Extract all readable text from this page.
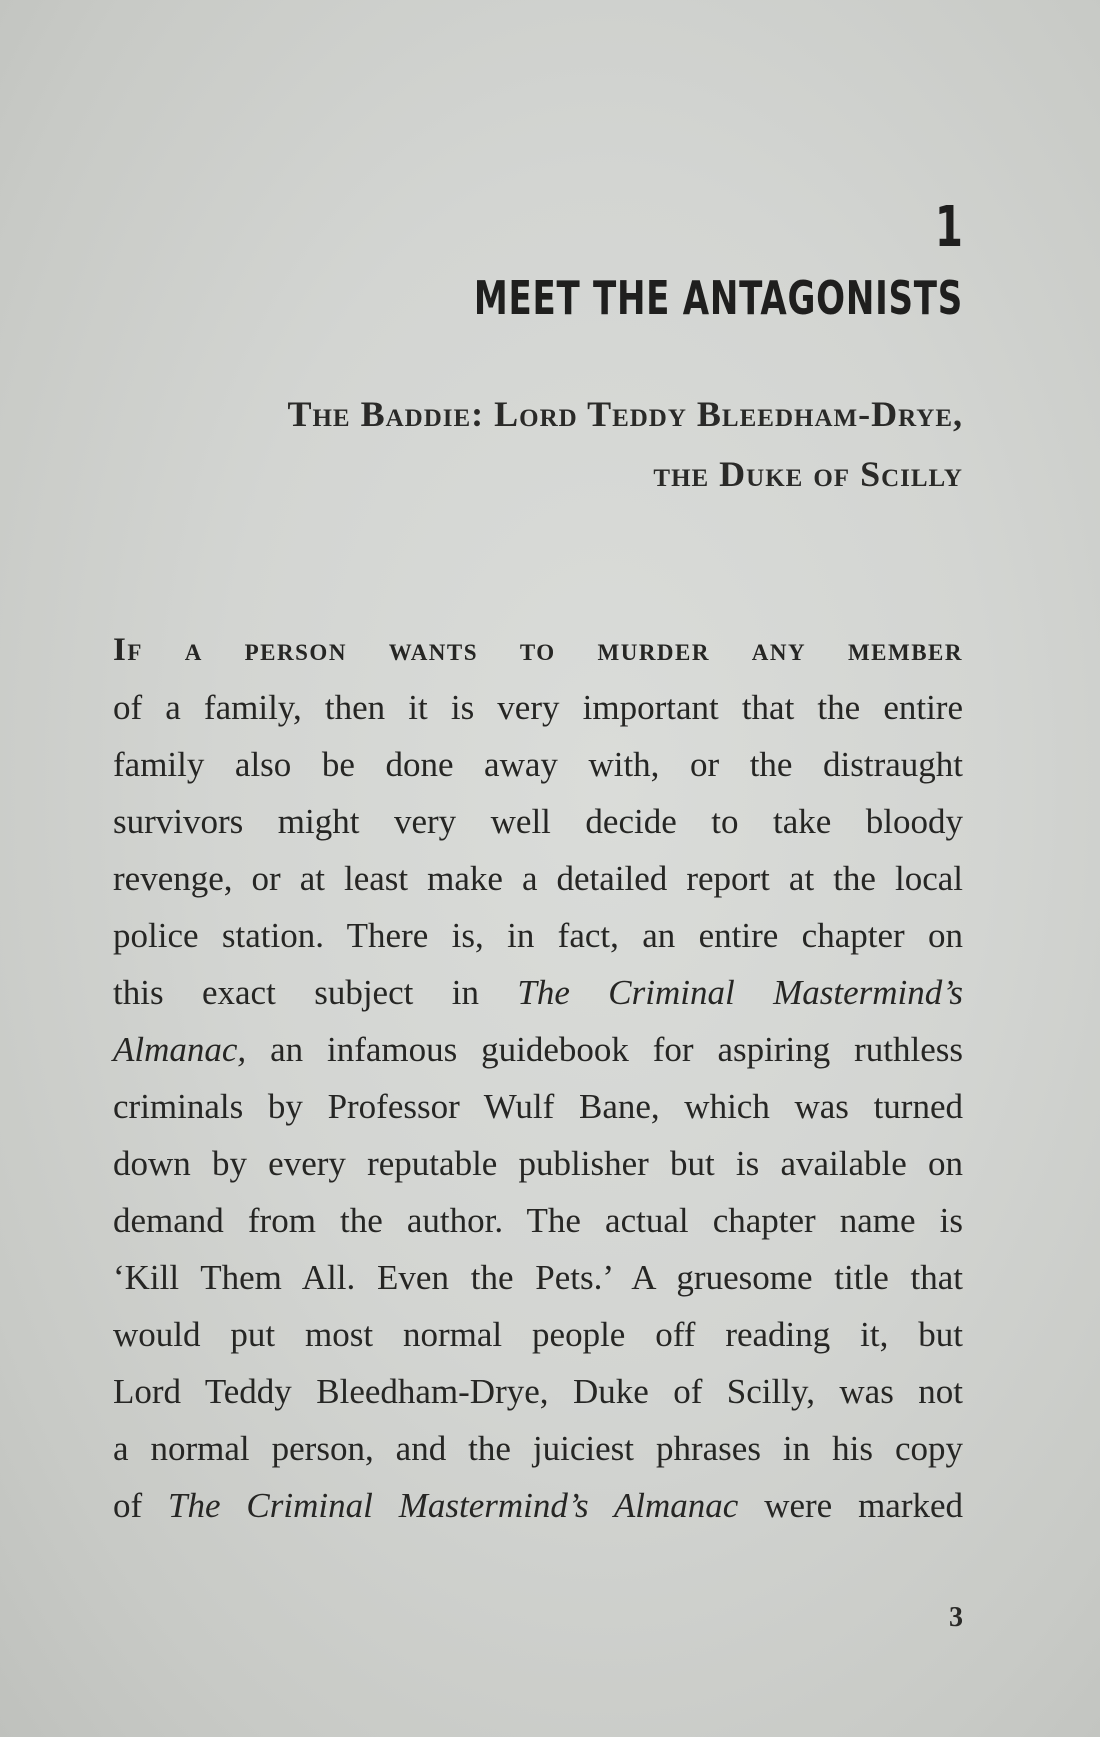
1
MEET THE ANTAGONISTS
The Baddie: Lord Teddy Bleedham-Drye,
the Duke of Scilly
If a person wants to murder any member
of a family, then it is very important that the entire
family also be done away with, or the distraught
survivors might very well decide to take bloody
revenge, or at least make a detailed report at the local
police station. There is, in fact, an entire chapter on
this exact subject in The Criminal Mastermind’s
Almanac, an infamous guidebook for aspiring ruthless
criminals by Professor Wulf Bane, which was turned
down by every reputable publisher but is available on
demand from the author. The actual chapter name is
‘Kill Them All. Even the Pets.’ A gruesome title that
would put most normal people off reading it, but
Lord Teddy Bleedham-Drye, Duke of Scilly, was not
a normal person, and the juiciest phrases in his copy
of The Criminal Mastermind’s Almanac were marked
3
